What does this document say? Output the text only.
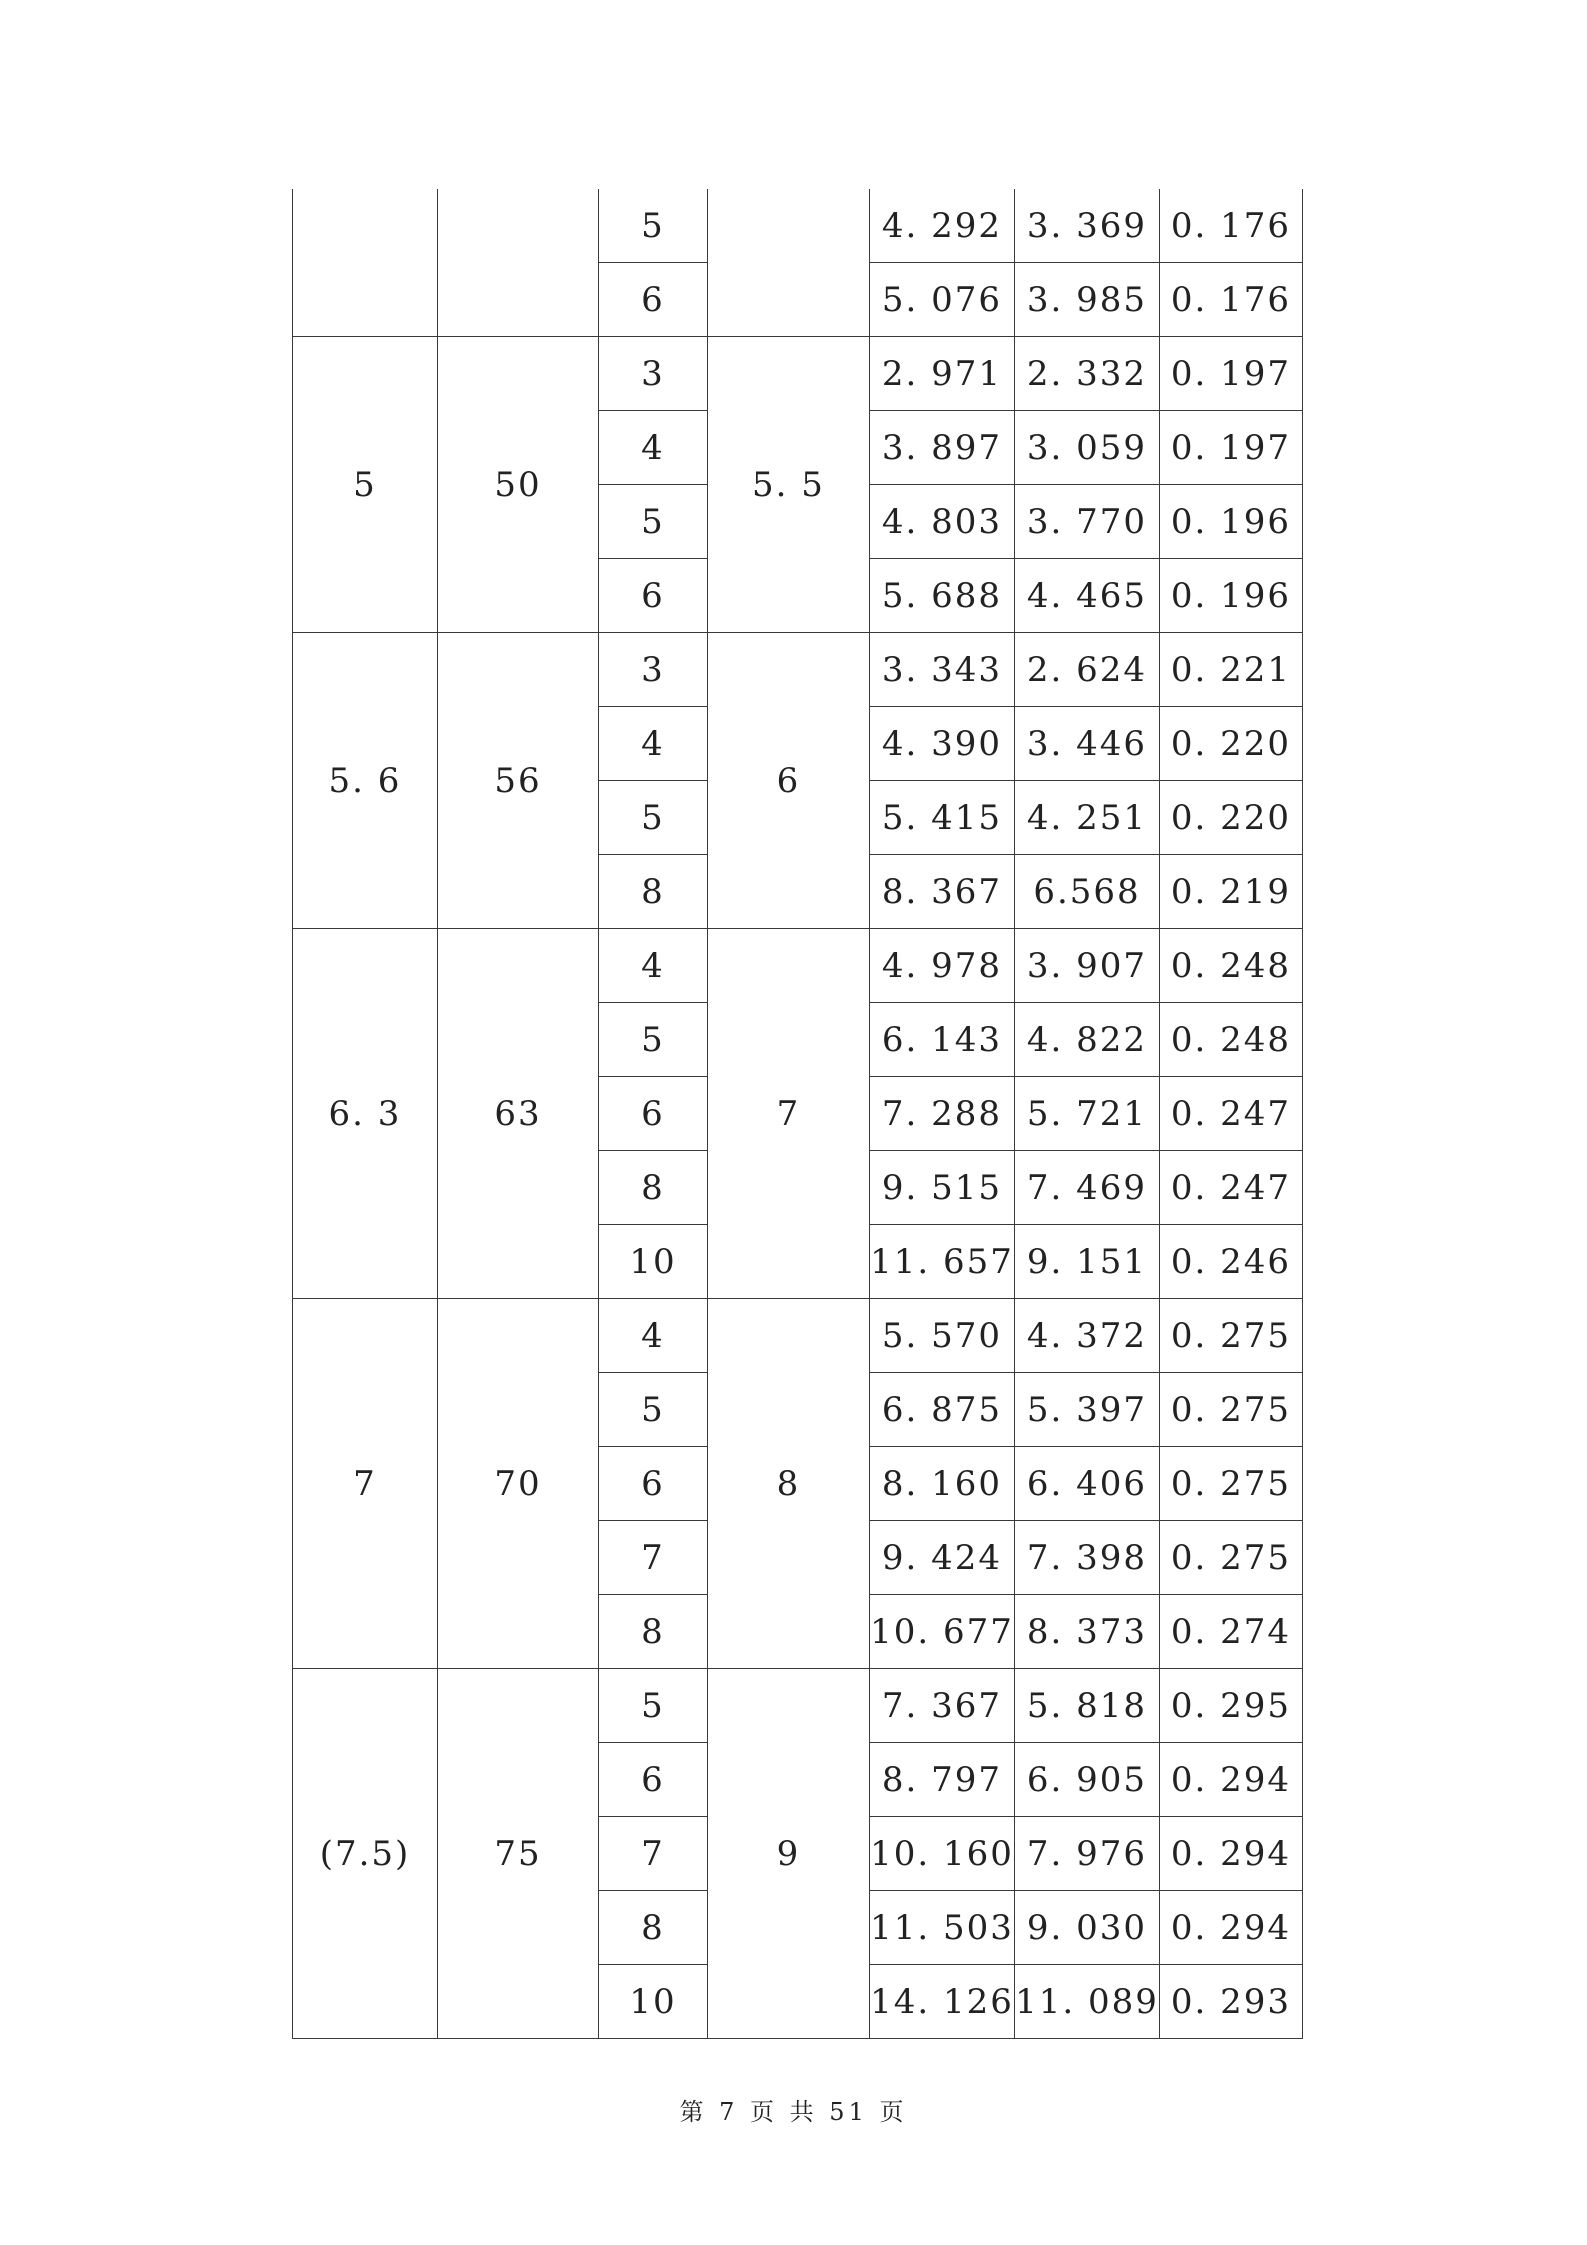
		5		4. 292	3. 369	0. 176
		6		5. 076	3. 985	0. 176
5	50	3	5. 5	2. 971	2. 332	0. 197
		4		3. 897	3. 059	0. 197
		5		4. 803	3. 770	0. 196
		6		5. 688	4. 465	0. 196
5. 6	56	3	6	3. 343	2. 624	0. 221
		4		4. 390	3. 446	0. 220
		5		5. 415	4. 251	0. 220
		8		8. 367	6.568	0. 219
6. 3	63	4	7	4. 978	3. 907	0. 248
		5		6. 143	4. 822	0. 248
		6		7. 288	5. 721	0. 247
		8		9. 515	7. 469	0. 247
		10		11. 657	9. 151	0. 246
7	70	4	8	5. 570	4. 372	0. 275
		5		6. 875	5. 397	0. 275
		6		8. 160	6. 406	0. 275
		7		9. 424	7. 398	0. 275
		8		10. 677	8. 373	0. 274
(7.5)	75	5	9	7. 367	5. 818	0. 295
		6		8. 797	6. 905	0. 294
		7		10. 160	7. 976	0. 294
		8		11. 503	9. 030	0. 294
		10		14. 126	11. 089	0. 293
第 7 页 共 51 页
